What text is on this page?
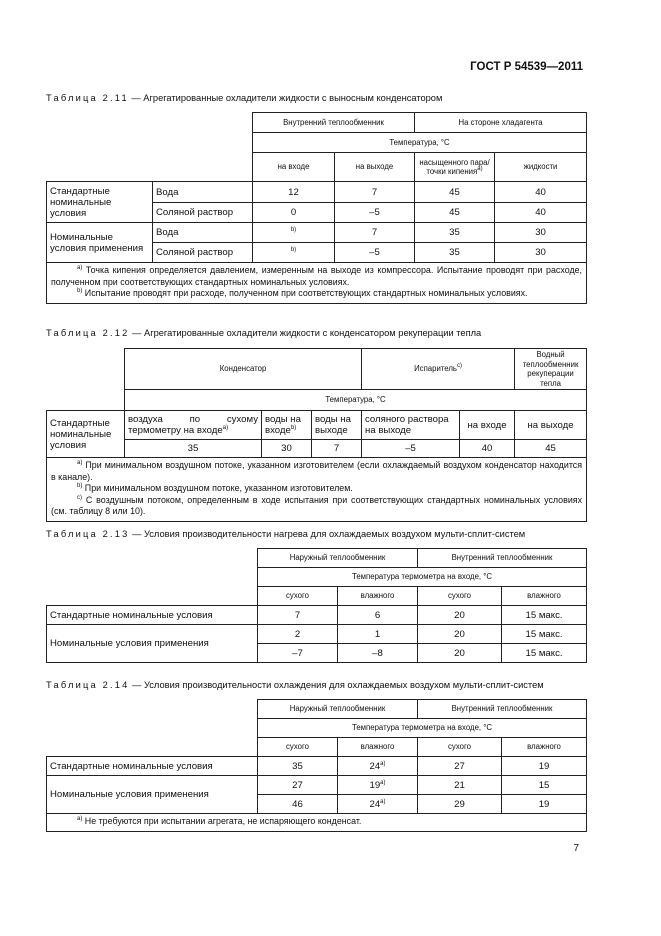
ГОСТ Р 54539—2011
Таблица 2.11 — Агрегатированные охладители жидкости с выносным конденсатором
		Внутренний теплообменник		На стороне хладагента	
		Температура, °С			
		на входе	на выходе	насыщенного пара/ точки кипения$^{a)}$	жидкости
Стандартные номинальные условия	Вода	12	7	45	40
	Соляной раствор	0	–5	45	40
Номинальные условия применения	Вода	$^{b)}$	7	35	30
	Соляной раствор	$^{b)}$	–5	35	30

$^{a)}$ Точка кипения определяется давлением, измеренным на выходе из компрессора. Испытание проводят при расходе, полученном при соответствующих стандартных номинальных условиях.
$^{b)}$ Испытание проводят при расходе, полученном при соответствующих стандартных номинальных условиях.					
Таблица 2.12 — Агрегатированные охладители жидкости с конденсатором рекуперации тепла
	Конденсатор			Испаритель$^{c)}$		Водный теплообменник рекуперации тепла
	Температура, °С					
Стандартные номинальные условия	воздуха по сухому термометру на входе$^{a)}$	воды на входе$^{b)}$	воды на выходе	соляного раствора на выходе	на входе	на выходе
	35	30	7	–5	40	45

$^{a)}$ При минимальном воздушном потоке, указанном изготовителем (если охлаждаемый воздухом конденсатор находится в канале).
$^{b)}$ При минимальном воздушном потоке, указанном изготовителем.
$^{c)}$ С воздушным потоком, определенным в ходе испытания при соответствующих стандартных номинальных условиях (см. таблицу 8 или 10).						
Таблица 2.13 — Условия производительности нагрева для охлаждаемых воздухом мульти-сплит-систем
	Наружный теплообменник		Внутренний теплообменник	
	Температура термометра на входе, °С			
	сухого	влажного	сухого	влажного
Стандартные номинальные условия	7	6	20	15 макс.
Номинальные условия применения	2	1	20	15 макс.
	–7	–8	20	15 макс.
Таблица 2.14 — Условия производительности охлаждения для охлаждаемых воздухом мульти-сплит-систем
	Наружный теплообменник		Внутренний теплообменник	
	Температура термометра на входе, °С			
	сухого	влажного	сухого	влажного
Стандартные номинальные условия	35	24$^{a)}$	27	19
Номинальные условия применения	27	19$^{a)}$	21	15
	46	24$^{a)}$	29	19

$^{a)}$ Не требуются при испытании агрегата, не испаряющего конденсат.				
7
